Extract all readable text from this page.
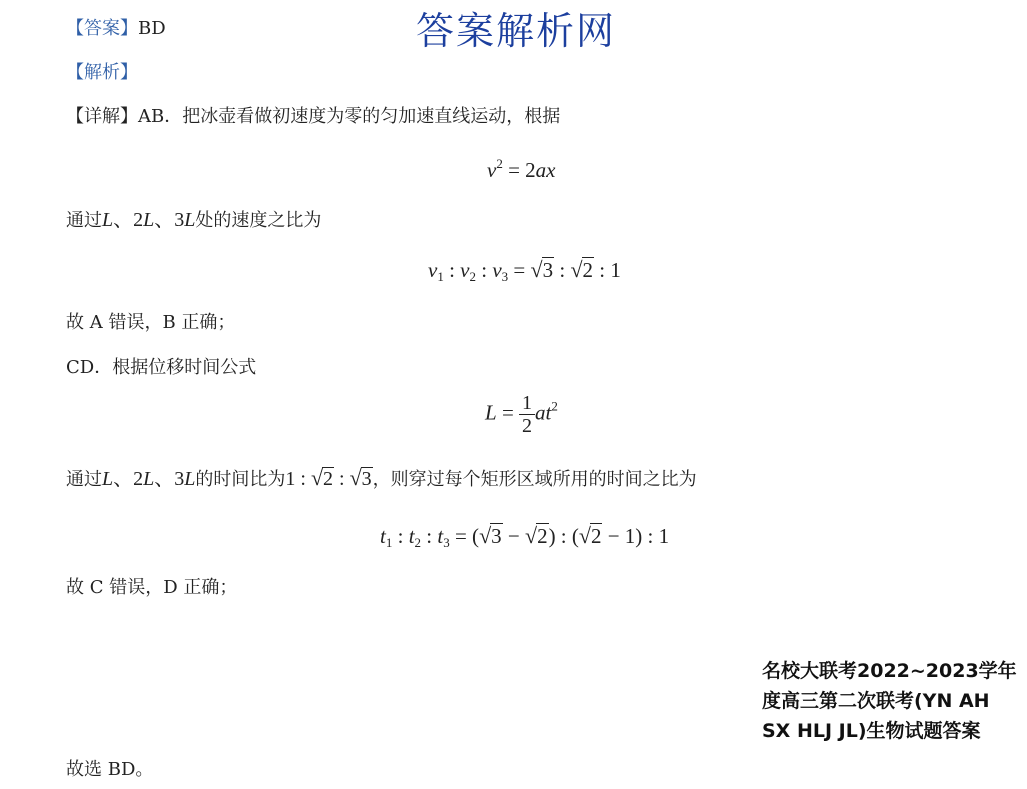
答案解析网
【答案】BD
【解析】
【详解】AB．把冰壶看做初速度为零的匀加速直线运动，根据
$v^2 = 2ax$
通过L、2L、3L处的速度之比为
$v_1$ : $v_2$ : $v_3 = √3$ : √2 : 1
故 A 错误，B 正确；
CD．根据位移时间公式
$L = \frac{1}{2} at^2$
通过L、2L、3L的时间比为1 : √2 : √3，则穿过每个矩形区域所用的时间之比为
$t_1$ : $t_2$ : $t_3 = (√3 - √2)$ : (√2 − 1) : 1
故 C 错误，D 正确；
故选 BD。
名校大联考2022~2023学年度高三第二次联考(YN AH SX HLJ JL)生物试题答案
